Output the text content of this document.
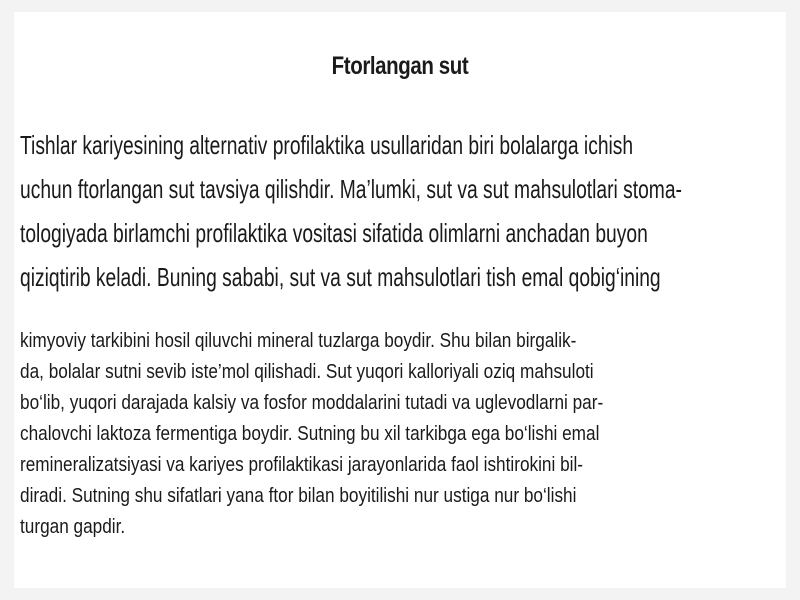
Ftorlangan sut
Tishlar kariyesining alternativ profilaktika usullaridan biri bolalarga ichish
uchun ftorlangan sut tavsiya qilishdir. Ma’lumki, sut va sut mahsulotlari stoma-
tologiyada birlamchi profilaktika vositasi sifatida olimlarni anchadan buyon
qiziqtirib keladi. Buning sababi, sut va sut mahsulotlari tish emal qobig‘ining
kimyoviy tarkibini hosil qiluvchi mineral tuzlarga boydir. Shu bilan birgalik-
da, bolalar sutni sevib iste’mol qilishadi. Sut yuqori kalloriyali oziq mahsuloti
bo‘lib, yuqori darajada kalsiy va fosfor moddalarini tutadi va uglevodlarni par-
chalovchi laktoza fermentiga boydir. Sutning bu xil tarkibga ega bo‘lishi emal
remineralizatsiyasi va kariyes profilaktikasi jarayonlarida faol ishtirokini bil-
diradi. Sutning shu sifatlari yana ftor bilan boyitilishi nur ustiga nur bo‘lishi
turgan gapdir.
